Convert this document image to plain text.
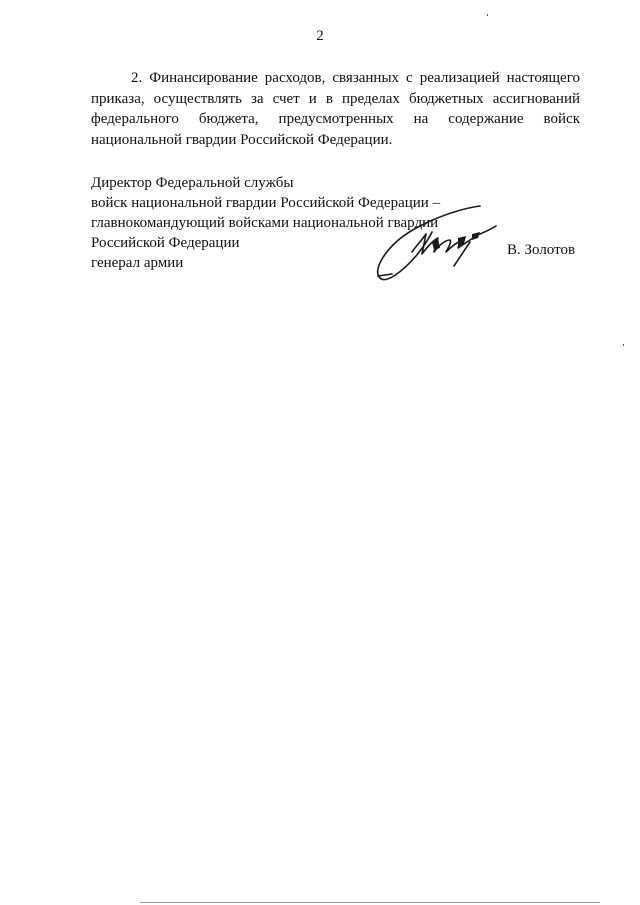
2
2. Финансирование расходов, связанных с реализацией настоящего
приказа, осуществлять за счет и в пределах бюджетных ассигнований
федерального бюджета, предусмотренных на содержание войск
национальной гвардии Российской Федерации.
Директор Федеральной службы
войск национальной гвардии Российской Федерации –
главнокомандующий войсками национальной гвардии
Российской Федерации
генерал армии
В. Золотов
